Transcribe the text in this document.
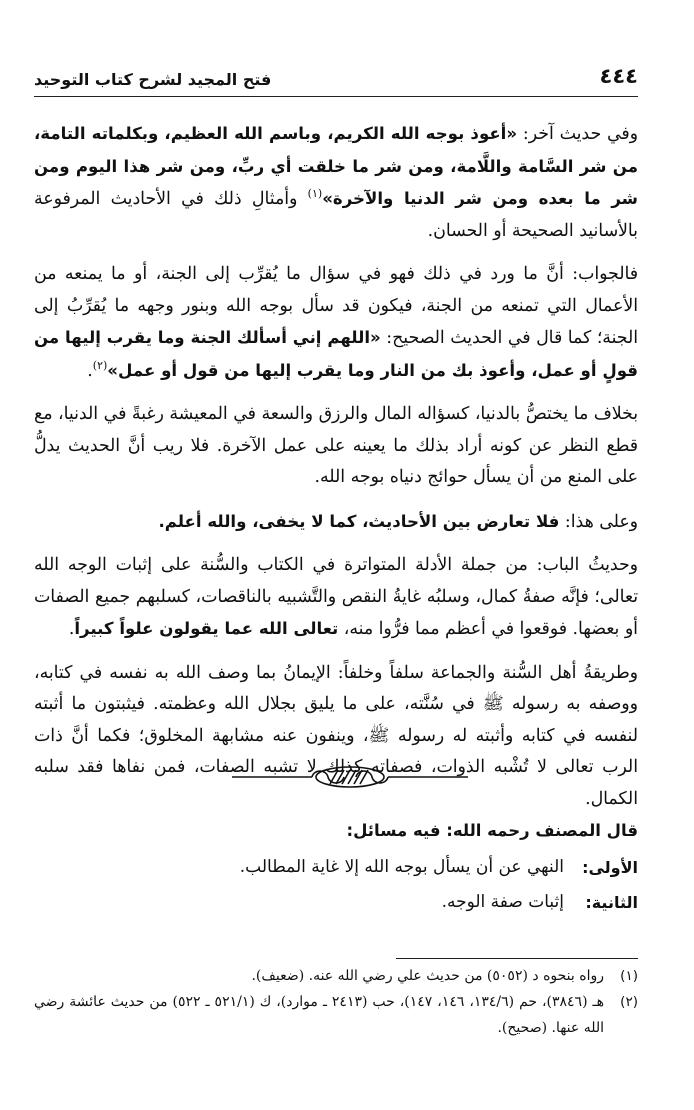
٤٤٤
فتح المجيد لشرح كتاب التوحيد

وفي حديث آخر: «أعوذ بوجه الله الكريم، وباسم الله العظيم، وبكلماته التامة، من شر السَّامة واللَّامة، ومن شر ما خلقت أي ربِّ، ومن شر هذا اليوم ومن شر ما بعده ومن شر الدنيا والآخرة»$^{(١)}$ وأمثالِ ذلك في الأحاديث المرفوعة بالأسانيد الصحيحة أو الحسان.

فالجواب: أنَّ ما ورد في ذلك فهو في سؤال ما يُقرِّب إلى الجنة، أو ما يمنعه من الأعمال التي تمنعه من الجنة، فيكون قد سأل بوجه الله وبنور وجهه ما يُقرِّبُ إلى الجنة؛ كما قال في الحديث الصحيح: «اللهم إني أسألك الجنة وما يقرب إليها من قولٍ أو عمل، وأعوذ بك من النار وما يقرب إليها من قول أو عمل»$^{(٢)}$.

بخلاف ما يختصُّ بالدنيا، كسؤاله المال والرزق والسعة في المعيشة رغبةً في الدنيا، مع قطع النظر عن كونه أراد بذلك ما يعينه على عمل الآخرة. فلا ريب أنَّ الحديث يدلُّ على المنع من أن يسأل حوائج دنياه بوجه الله.

وعلى هذا: فلا تعارض بين الأحاديث، كما لا يخفى، والله أعلم.

وحديثُ الباب: من جملة الأدلة المتواترة في الكتاب والسُّنة على إثبات الوجه الله تعالى؛ فإنَّه صفةُ كمال، وسلبُه غايةُ النقص والتَّشبيه بالناقصات، كسلبهم جميع الصفات أو بعضها. فوقعوا في أعظم مما فرُّوا منه، تعالى الله عما يقولون علواً كبيراً.

وطريقةُ أهل السُّنة والجماعة سلفاً وخلفاً: الإيمانُ بما وصف الله به نفسه في كتابه، ووصفه به رسوله ﷺ في سُنَّته، على ما يليق بجلال الله وعظمته. فيثبتون ما أثبته لنفسه في كتابه وأثبته له رسوله ﷺ، وينفون عنه مشابهة المخلوق؛ فكما أنَّ ذات الرب تعالى لا تُشْبه الذوات، فصفاته كذلك لا تشبه الصفات، فمن نفاها فقد سلبه الكمال.

قال المصنف رحمه الله: فيه مسائل:
الأولى:
النهي عن أن يسأل بوجه الله إلا غاية المطالب.
الثانية:
إثبات صفة الوجه.
(١)
رواه بنحوه د (٥٠٥٢) من حديث علي رضي الله عنه. (ضعيف).
(٢)
هـ (٣٨٤٦)، حم (١٣٤/٦، ١٤٦، ١٤٧)، حب (٢٤١٣ ـ موارد)، ك (٥٢١/١ ـ ٥٢٢) من حديث عائشة رضي الله عنها. (صحيح).
